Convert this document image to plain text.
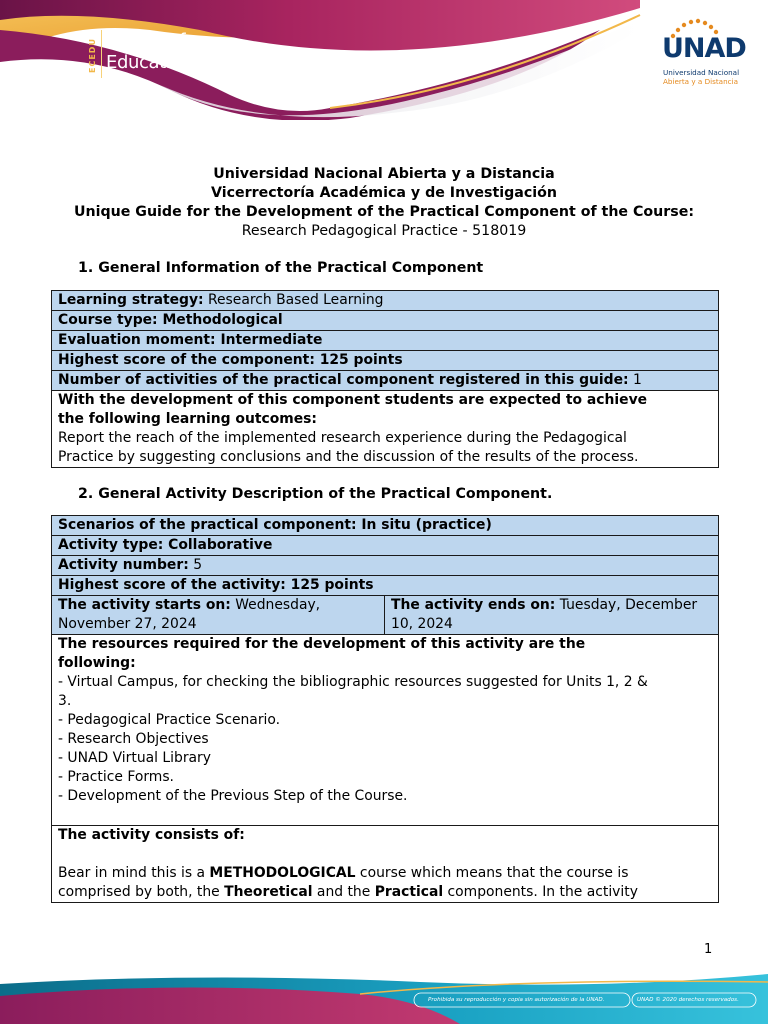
ECEDU School of
Education	UNAD
Universidad Nacional
Abierta y a Distancia
Universidad Nacional Abierta y a Distancia
Vicerrectoría Académica y de Investigación
Unique Guide for the Development of the Practical Component of the Course:
Research Pedagogical Practice - 518019
1. General Information of the Practical Component
Learning strategy: Research Based Learning
Course type: Methodological
Evaluation moment: Intermediate
Highest score of the component: 125 points
Number of activities of the practical component registered in this guide: 1

With the development of this component students are expected to achieve
the following learning outcomes:
Report the reach of the implemented research experience during the Pedagogical
Practice by suggesting conclusions and the discussion of the results of the process.
2. General Activity Description of the Practical Component.
Scenarios of the practical component: In situ (practice)
Activity type: Collaborative
Activity number: 5
Highest score of the activity: 125 points

The activity starts on: Wednesday,
November 27, 2024

The activity ends on: Tuesday, December
10, 2024

The resources required for the development of this activity are the
following:
- Virtual Campus, for checking the bibliographic resources suggested for Units 1, 2 &
3.
- Pedagogical Practice Scenario.
- Research Objectives
- UNAD Virtual Library
- Practice Forms.
- Development of the Previous Step of the Course.

The activity consists of:
Bear in mind this is a METHODOLOGICAL course which means that the course is
comprised by both, the Theoretical and the Practical components. In the activity
1
Prohibida su reproducción y copia sin autorización de la UNAD.	UNAD © 2020 derechos reservados.
